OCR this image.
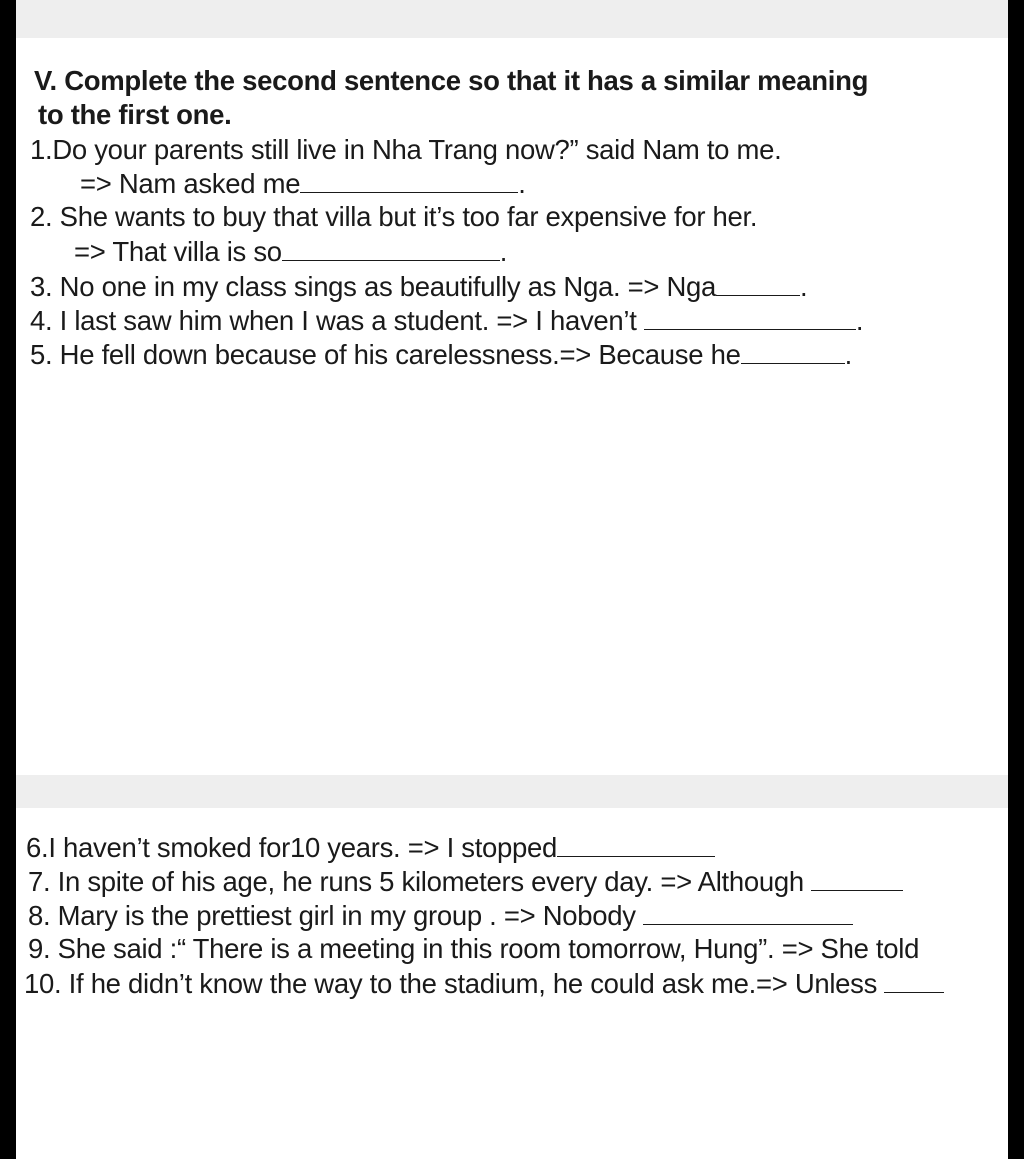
V. Complete the second sentence so that it has a similar meaning
to the first one.
1.Do your parents still live in Nha Trang now?” said Nam to me.
=> Nam asked me	.
2. She wants to buy that villa but it’s too far expensive for her.
=> That villa is so	.
3. No one in my class sings as beautifully as Nga. => Nga	.
4. I last saw him when I was a student. => I haven’t	.
5. He fell down because of his carelessness.=> Because he	.
6.I haven’t smoked for10 years. => I stopped
7. In spite of his age, he runs 5 kilometers every day. => Although
8. Mary is the prettiest girl in my group . => Nobody
9. She said :“ There is a meeting in this room tomorrow, Hung”. => She told
10. If he didn’t know the way to the stadium, he could ask me.=> Unless
